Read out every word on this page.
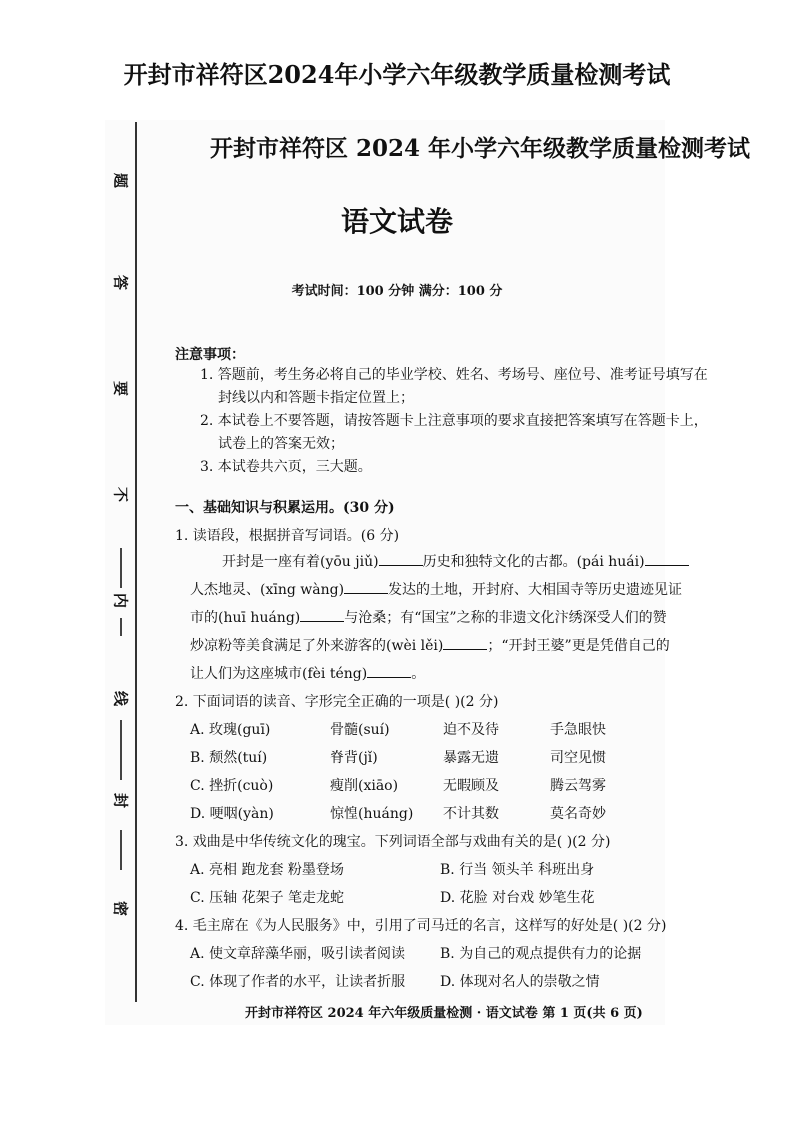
开封市祥符区2024年小学六年级教学质量检测考试
题
答
要
不
内
线
封
密
开封市祥符区 2024 年小学六年级教学质量检测考试
语文试卷
考试时间：100 分钟 满分：100 分
注意事项：
1. 答题前，考生务必将自己的毕业学校、姓名、考场号、座位号、准考证号填写在
封线以内和答题卡指定位置上；
2. 本试卷上不要答题，请按答题卡上注意事项的要求直接把答案填写在答题卡上，
试卷上的答案无效；
3. 本试卷共六页，三大题。
一、基础知识与积累运用。(30 分)
1. 读语段，根据拼音写词语。(6 分)
开封是一座有着(yōu jiǔ)	历史和独特文化的古都。(pái huái)
人杰地灵、(xīng wàng)	发达的土地，开封府、大相国寺等历史遗迹见证
市的(huī huáng)	与沧桑；有“国宝”之称的非遗文化汴绣深受人们的赞
炒凉粉等美食满足了外来游客的(wèi lěi)	；“开封王婆”更是凭借自己的
让人们为这座城市(fèi téng)	。
2. 下面词语的读音、字形完全正确的一项是( )(2 分)
A. 玫瑰(guī)	骨髓(suí)	迫不及待	手急眼快
B. 颓然(tuí)	脊背(jǐ)	暴露无遗	司空见惯
C. 挫折(cuò)	瘦削(xiāo)	无暇顾及	腾云驾雾
D. 哽咽(yàn)	惊惶(huáng) 不计其数	莫名奇妙
3. 戏曲是中华传统文化的瑰宝。下列词语全部与戏曲有关的是( )(2 分)
A. 亮相 跑龙套 粉墨登场	B. 行当 领头羊 科班出身
C. 压轴 花架子 笔走龙蛇	D. 花脸 对台戏 妙笔生花
4. 毛主席在《为人民服务》中，引用了司马迁的名言，这样写的好处是( )(2 分)
A. 使文章辞藻华丽，吸引读者阅读 B. 为自己的观点提供有力的论据
C. 体现了作者的水平，让读者折服 D. 体现对名人的崇敬之情
开封市祥符区 2024 年六年级质量检测 · 语文试卷 第 1 页(共 6 页)
